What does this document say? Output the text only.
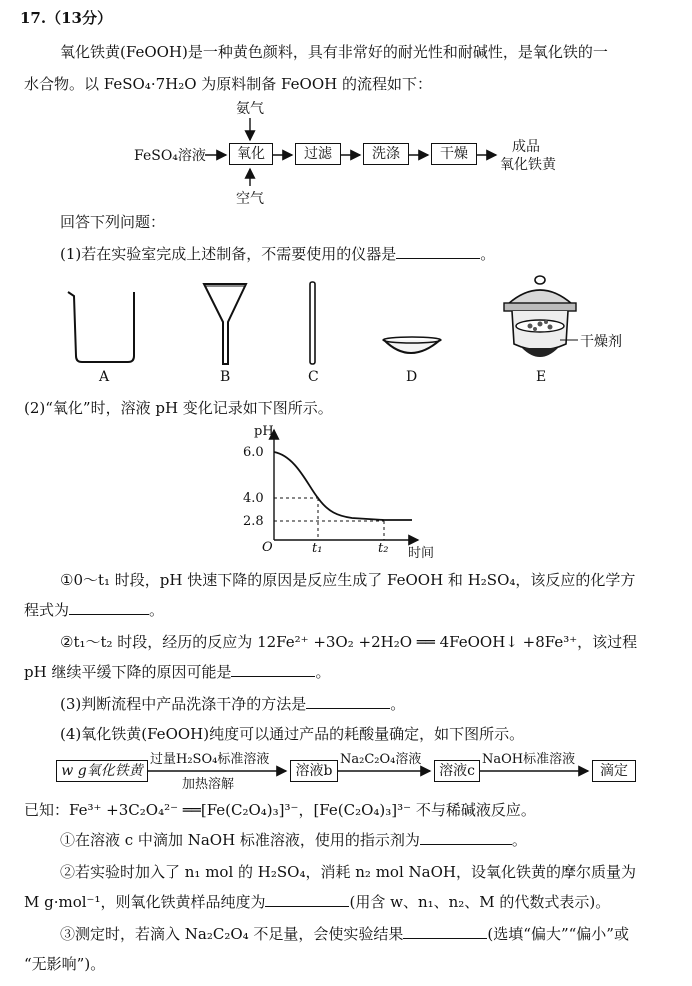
17.（13分）
氧化铁黄(FeOOH)是一种黄色颜料，具有非常好的耐光性和耐碱性，是氧化铁的一
水合物。以 FeSO₄·7H₂O 为原料制备 FeOOH 的流程如下：
FeSO₄溶液
氨气
空气
氧化	过滤	洗涤	干燥	成品
氧化铁黄
回答下列问题：
(1)若在实验室完成上述制备，不需要使用的仪器是	。
干燥剂
A	B	C	D	E
(2)“氧化”时，溶液 pH 变化记录如下图所示。
pH
6.0
4.0
2.8
O	t₁	t₂ 时间
①0～t₁ 时段，pH 快速下降的原因是反应生成了 FeOOH 和 H₂SO₄，该反应的化学方
程式为	。
②t₁～t₂ 时段，经历的反应为 12Fe²⁺ +3O₂ +2H₂O ══ 4FeOOH↓ +8Fe³⁺，该过程
pH 继续平缓下降的原因可能是	。
(3)判断流程中产品洗涤干净的方法是	。
(4)氧化铁黄(FeOOH)纯度可以通过产品的耗酸量确定，如下图所示。
w g氧化铁黄
过量H₂SO₄标准溶液
加热溶解
溶液b
Na₂C₂O₄溶液
溶液c
NaOH标准溶液
滴定
已知：Fe³⁺ +3C₂O₄²⁻ ══[Fe(C₂O₄)₃]³⁻，[Fe(C₂O₄)₃]³⁻ 不与稀碱液反应。
①在溶液 c 中滴加 NaOH 标准溶液，使用的指示剂为	。
②若实验时加入了 n₁ mol 的 H₂SO₄，消耗 n₂ mol NaOH，设氧化铁黄的摩尔质量为
M g·mol⁻¹，则氧化铁黄样品纯度为	(用含 w、n₁、n₂、M 的代数式表示)。
③测定时，若滴入 Na₂C₂O₄ 不足量，会使实验结果	(选填“偏大”“偏小”或
“无影响”)。
